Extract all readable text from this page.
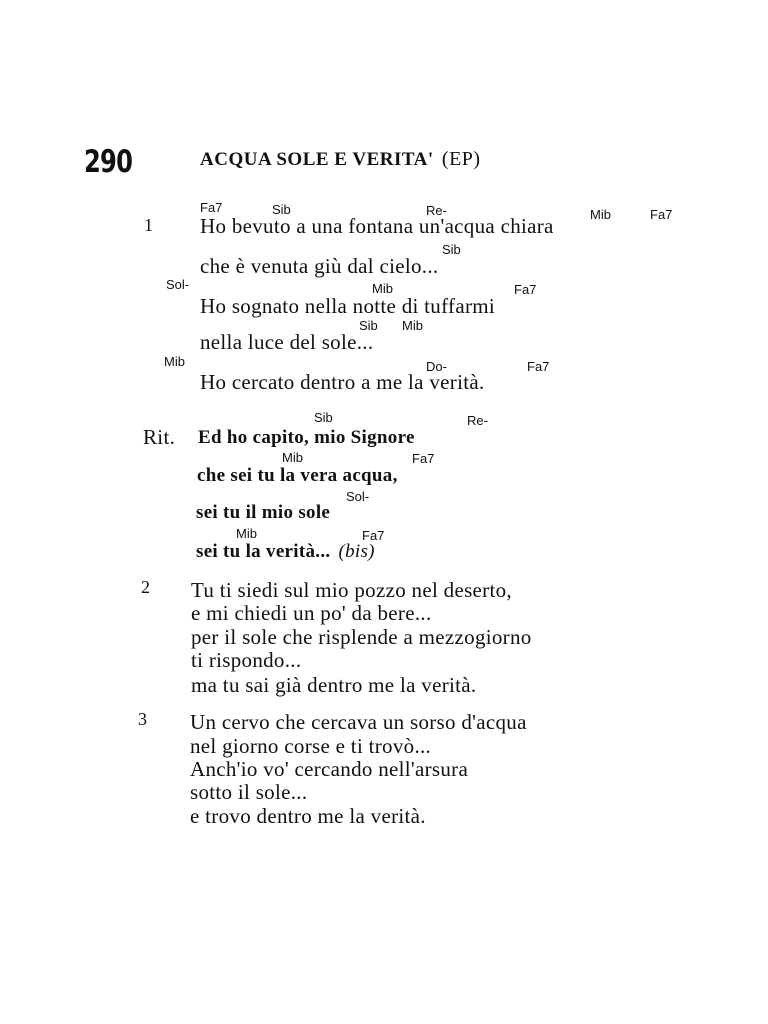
290	ACQUA SOLE E VERITA' (EP)
1
Fa7	Sib	Re-	Mib	Fa7
Ho bevuto a una fontana un'acqua chiara
Sib
che è venuta giù dal cielo...
Sol-	Mib	Fa7
Ho sognato nella notte di tuffarmi
Sib Mib
nella luce del sole...
Mib	Do-	Fa7
Ho cercato dentro a me la verità.
Rit.
Sib	Re-
Ed ho capito, mio Signore
Mib	Fa7
che sei tu la vera acqua,
Sol-
sei tu il mio sole
Mib	Fa7
sei tu la verità... (bis)
2 Tu ti siedi sul mio pozzo nel deserto,
e mi chiedi un po' da bere...
per il sole che risplende a mezzogiorno
ti rispondo...
ma tu sai già dentro me la verità.
3 Un cervo che cercava un sorso d'acqua
nel giorno corse e ti trovò...
Anch'io vo' cercando nell'arsura
sotto il sole...
e trovo dentro me la verità.
